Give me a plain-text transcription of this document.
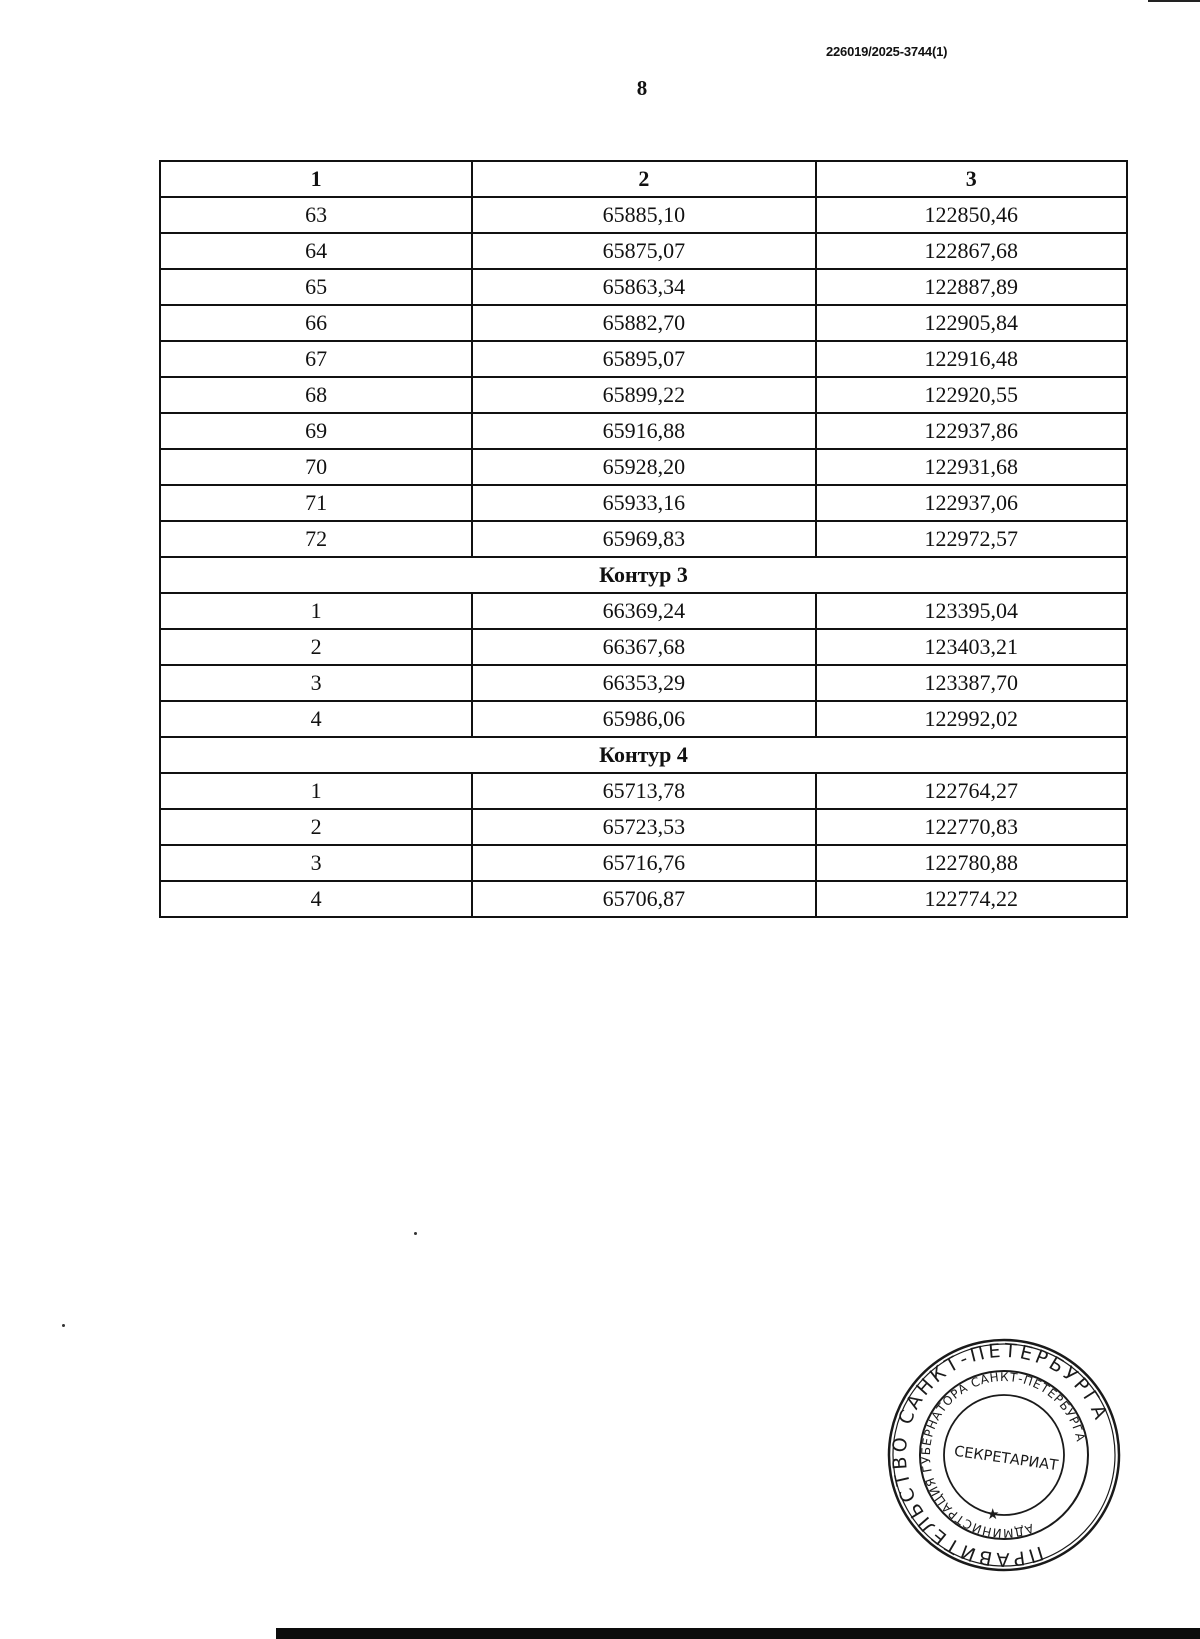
226019/2025-3744(1)
8
1	2	3
63	65885,10	122850,46
64	65875,07	122867,68
65	65863,34	122887,89
66	65882,70	122905,84
67	65895,07	122916,48
68	65899,22	122920,55
69	65916,88	122937,86
70	65928,20	122931,68
71	65933,16	122937,06
72	65969,83	122972,57
Контур 3		
1	66369,24	123395,04
2	66367,68	123403,21
3	66353,29	123387,70
4	65986,06	122992,02
Контур 4		
1	65713,78	122764,27
2	65723,53	122770,83
3	65716,76	122780,88
4	65706,87	122774,22
ПРАВИТЕЛЬСТВО САНКТ-ПЕТЕРБУРГА
АДМИНИСТРАЦИЯ ГУБЕРНАТОРА САНКТ-ПЕТЕРБУРГА
СЕКРЕТАРИАТ
★
